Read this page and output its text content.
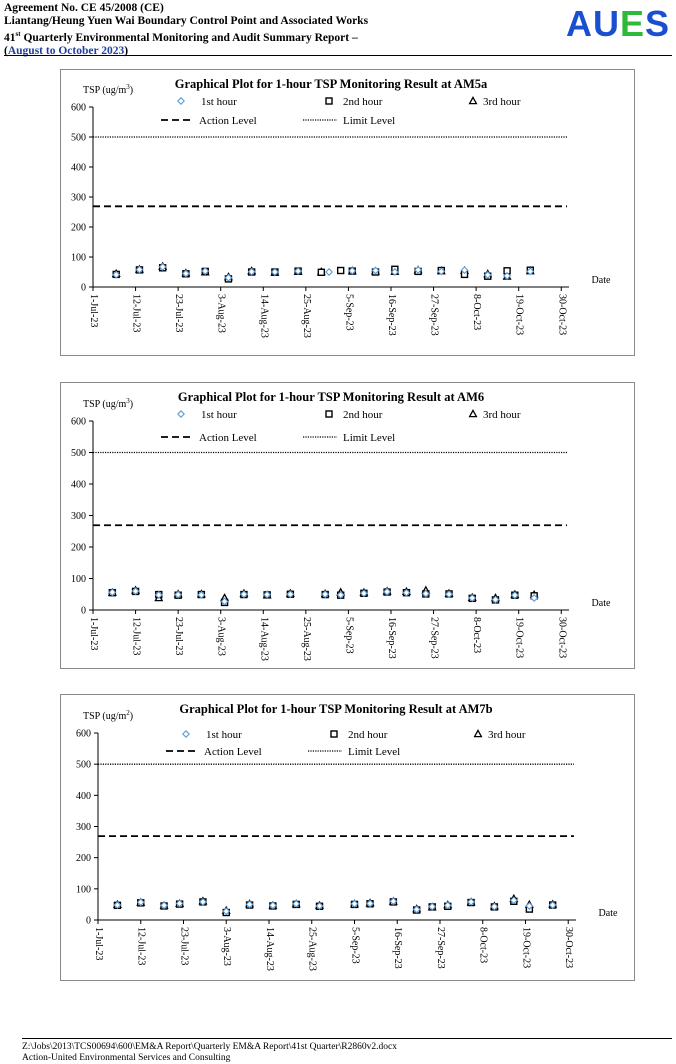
Agreement No. CE 45/2008 (CE)
Liantang/Heung Yuen Wai Boundary Control Point and Associated Works
41st Quarterly Environmental Monitoring and Audit Summary Report –
(August to October 2023)
AUES
Graphical Plot for 1-hour TSP Monitoring Result at AM5a
TSP $(ug/m^3)$
0
100
200
300
400
500
600
1-Jul-23	12-Jul-23	23-Jul-23	3-Aug-23	14-Aug-23	25-Aug-23	5-Sep-23	16-Sep-23	27-Sep-23	8-Oct-23	19-Oct-23	30-Oct-23
Date
1st hour	2nd hour	3rd hour
Action Level	Limit Level
Graphical Plot for 1-hour TSP Monitoring Result at AM6
TSP $(ug/m^3)$
0
100
200
300
400
500
600
1-Jul-23	12-Jul-23	23-Jul-23	3-Aug-23	14-Aug-23	25-Aug-23	5-Sep-23	16-Sep-23	27-Sep-23	8-Oct-23	19-Oct-23	30-Oct-23
Date
1st hour	2nd hour	3rd hour
Action Level	Limit Level
Graphical Plot for 1-hour TSP Monitoring Result at AM7b
TSP $(ug/m^2)$
0
100
200
300
400
500
600
1-Jul-23	12-Jul-23	23-Jul-23	3-Aug-23	14-Aug-23	25-Aug-23	5-Sep-23	16-Sep-23	27-Sep-23	8-Oct-23	19-Oct-23	30-Oct-23
Date
1st hour	2nd hour	3rd hour
Action Level	Limit Level
Z:\Jobs\2013\TCS00694\600\EM&A Report\Quarterly EM&A Report\41st Quarter\R2860v2.docx
Action-United Environmental Services and Consulting
